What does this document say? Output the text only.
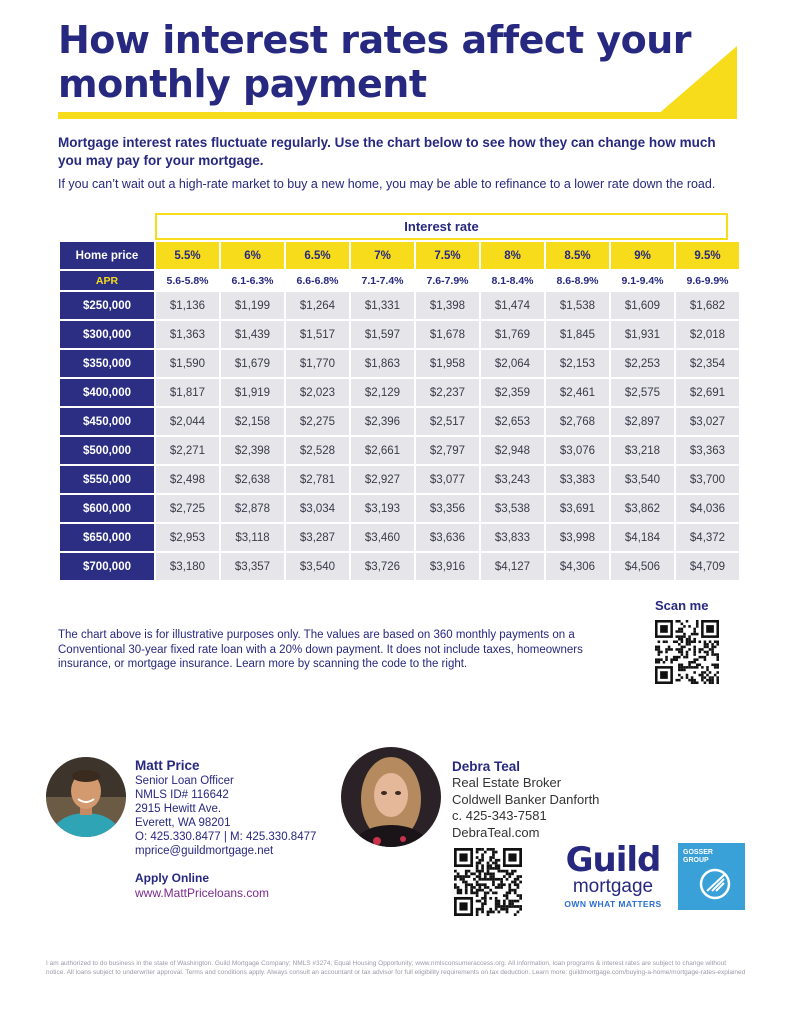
How interest rates affect your monthly payment
Mortgage interest rates fluctuate regularly. Use the chart below to see how they can change how much you may pay for your mortgage.
If you can’t wait out a high-rate market to buy a new home, you may be able to refinance to a lower rate down the road.
Interest rate
Home price	5.5%	6%	6.5%	7%	7.5%	8%	8.5%	9%	9.5%
APR	5.6-5.8%	6.1-6.3%	6.6-6.8%	7.1-7.4%	7.6-7.9%	8.1-8.4%	8.6-8.9%	9.1-9.4%	9.6-9.9%
$250,000	$1,136	$1,199	$1,264	$1,331	$1,398	$1,474	$1,538	$1,609	$1,682
$300,000	$1,363	$1,439	$1,517	$1,597	$1,678	$1,769	$1,845	$1,931	$2,018
$350,000	$1,590	$1,679	$1,770	$1,863	$1,958	$2,064	$2,153	$2,253	$2,354
$400,000	$1,817	$1,919	$2,023	$2,129	$2,237	$2,359	$2,461	$2,575	$2,691
$450,000	$2,044	$2,158	$2,275	$2,396	$2,517	$2,653	$2,768	$2,897	$3,027
$500,000	$2,271	$2,398	$2,528	$2,661	$2,797	$2,948	$3,076	$3,218	$3,363
$550,000	$2,498	$2,638	$2,781	$2,927	$3,077	$3,243	$3,383	$3,540	$3,700
$600,000	$2,725	$2,878	$3,034	$3,193	$3,356	$3,538	$3,691	$3,862	$4,036
$650,000	$2,953	$3,118	$3,287	$3,460	$3,636	$3,833	$3,998	$4,184	$4,372
$700,000	$3,180	$3,357	$3,540	$3,726	$3,916	$4,127	$4,306	$4,506	$4,709
Scan me
The chart above is for illustrative purposes only. The values are based on 360 monthly payments on a Conventional 30-year fixed rate loan with a 20% down payment. It does not include taxes, homeowners insurance, or mortgage insurance. Learn more by scanning the code to the right.
Matt Price
Senior Loan Officer
NMLS ID# 116642
2915 Hewitt Ave.
Everett, WA 98201
O: 425.330.8477 | M: 425.330.8477
mprice@guildmortgage.net
Apply Online
www.MattPriceloans.com
Debra Teal
Real Estate Broker
Coldwell Banker Danforth
c. 425-343-7581
DebraTeal.com
Guild
mortgage
OWN WHAT MATTERS
GOSSER
GROUP
I am authorized to do business in the state of Washington. Guild Mortgage Company; NMLS #3274; Equal Housing Opportunity; www.nmlsconsumeraccess.org. All information, loan programs & interest rates are subject to change without notice. All loans subject to underwriter approval. Terms and conditions apply. Always consult an accountant or tax advisor for full eligibility requirements on tax deduction. Learn more: guildmortgage.com/buying-a-home/mortgage-rates-explained
